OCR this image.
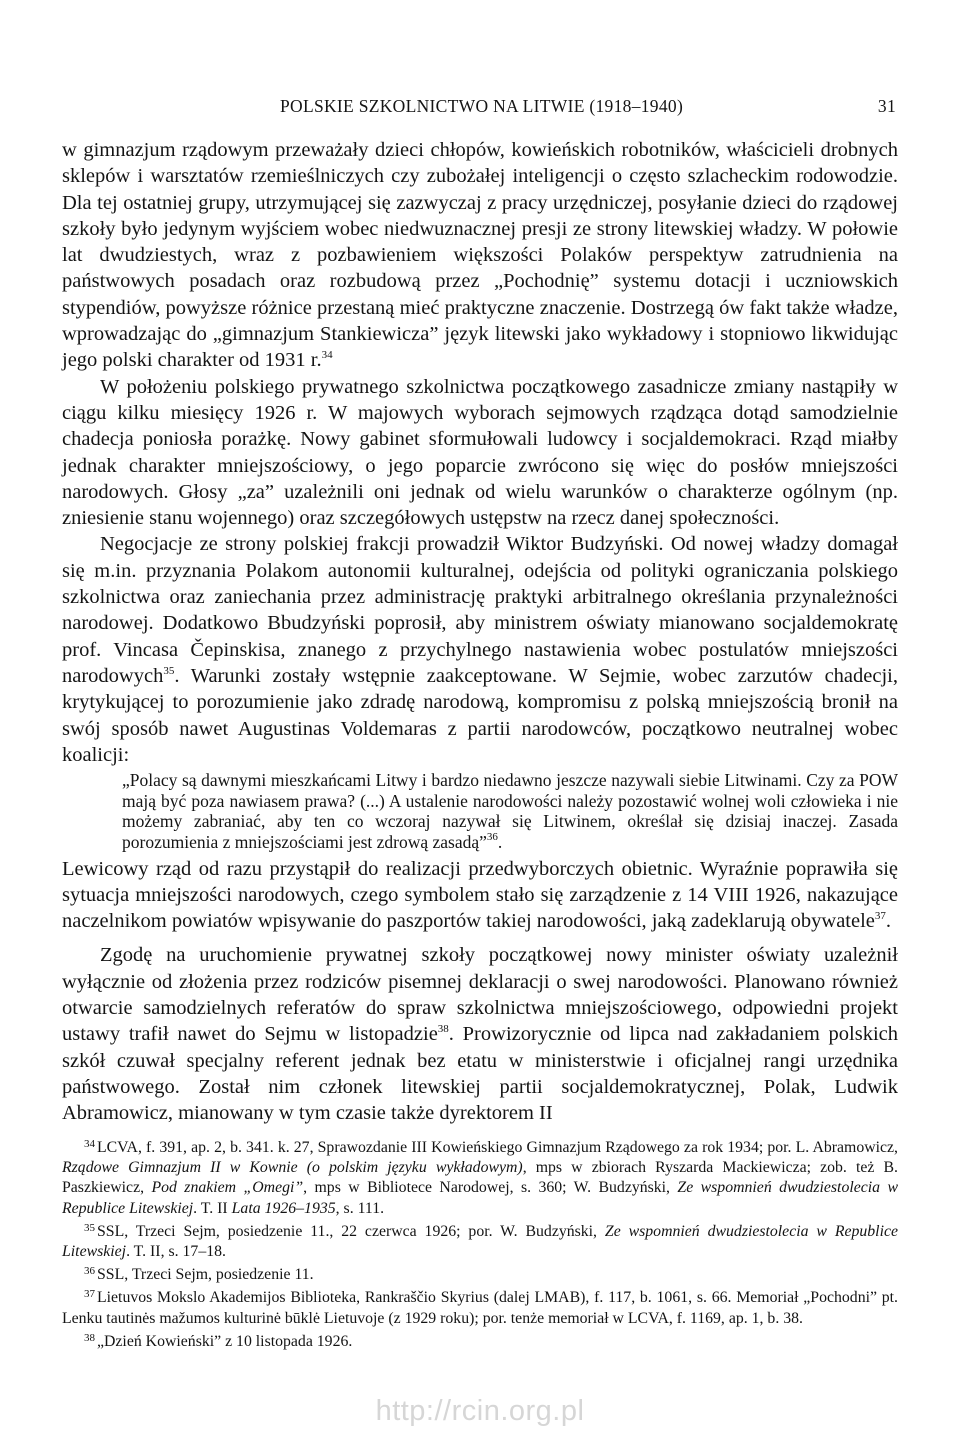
POLSKIE SZKOLNICTWO NA LITWIE (1918–1940)	31

w gimnazjum rządowym przeważały dzieci chłopów, kowieńskich robotników, właścicieli drobnych sklepów i warsztatów rzemieślniczych czy zubożałej inteligencji o często szlacheckim rodowodzie. Dla tej ostatniej grupy, utrzymującej się zazwyczaj z pracy urzędniczej, posyłanie dzieci do rządowej szkoły było jedynym wyjściem wobec niedwuznacznej presji ze strony litewskiej władzy. W połowie lat dwudziestych, wraz z pozbawieniem większości Polaków perspektyw zatrudnienia na państwowych posadach oraz rozbudową przez „Pochodnię” systemu dotacji i uczniowskich stypendiów, powyższe różnice przestaną mieć praktyczne znaczenie. Dostrzegą ów fakt także władze, wprowadzając do „gimnazjum Stankiewicza” język litewski jako wykładowy i stopniowo likwidując jego polski charakter od 1931 r.$^{34}$

W położeniu polskiego prywatnego szkolnictwa początkowego zasadnicze zmiany nastąpiły w ciągu kilku miesięcy 1926 r. W majowych wyborach sejmowych rządząca dotąd samodzielnie chadecja poniosła porażkę. Nowy gabinet sformułowali ludowcy i socjaldemokraci. Rząd miałby jednak charakter mniejszościowy, o jego poparcie zwrócono się więc do posłów mniejszości narodowych. Głosy „za” uzależnili oni jednak od wielu warunków o charakterze ogólnym (np. zniesienie stanu wojennego) oraz szczegółowych ustępstw na rzecz danej społeczności.

Negocjacje ze strony polskiej frakcji prowadził Wiktor Budzyński. Od nowej władzy domagał się m.in. przyznania Polakom autonomii kulturalnej, odejścia od polityki ograniczania polskiego szkolnictwa oraz zaniechania przez administrację praktyki arbitralnego określania przynależności narodowej. Dodatkowo Bbudzyński poprosił, aby ministrem oświaty mianowano socjaldemokratę prof. Vincasa Čepinskisa, znanego z przychylnego nastawienia wobec postulatów mniejszości narodowych$^{35}$. Warunki zostały wstępnie zaakceptowane. W Sejmie, wobec zarzutów chadecji, krytykującej to porozumienie jako zdradę narodową, kompromisu z polską mniejszością bronił na swój sposób nawet Augustinas Voldemaras z partii narodowców, początkowo neutralnej wobec koalicji:

„Polacy są dawnymi mieszkańcami Litwy i bardzo niedawno jeszcze nazywali siebie Litwinami. Czy za POW mają być poza nawiasem prawa? (...) A ustalenie narodowości należy pozostawić wolnej woli człowieka i nie możemy zabraniać, aby ten co wczoraj nazywał się Litwinem, określał się dzisiaj inaczej. Zasada porozumienia z mniejszościami jest zdrową zasadą”$^{36}$.

Lewicowy rząd od razu przystąpił do realizacji przedwyborczych obietnic. Wyraźnie poprawiła się sytuacja mniejszości narodowych, czego symbolem stało się zarządzenie z 14 VIII 1926, nakazujące naczelnikom powiatów wpisywanie do paszportów takiej narodowości, jaką zadeklarują obywatele$^{37}$.

Zgodę na uruchomienie prywatnej szkoły początkowej nowy minister oświaty uzależnił wyłącznie od złożenia przez rodziców pisemnej deklaracji o swej narodowości. Planowano również otwarcie samodzielnych referatów do spraw szkolnictwa mniejszościowego, odpowiedni projekt ustawy trafił nawet do Sejmu w listopadzie$^{38}$. Prowizorycznie od lipca nad zakładaniem polskich szkół czuwał specjalny referent jednak bez etatu w ministerstwie i oficjalnej rangi urzędnika państwowego. Został nim członek litewskiej partii socjaldemokratycznej, Polak, Ludwik Abramowicz, mianowany w tym czasie także dyrektorem II

$^{34}$ LCVA, f. 391, ap. 2, b. 341. k. 27, Sprawozdanie III Kowieńskiego Gimnazjum Rządowego za rok 1934; por. L. Abramowicz, Rządowe Gimnazjum II w Kownie (o polskim języku wykładowym), mps w zbiorach Ryszarda Mackiewicza; zob. też B. Paszkiewicz, Pod znakiem „Omegi”, mps w Bibliotece Narodowej, s. 360; W. Budzyński, Ze wspomnień dwudziestolecia w Republice Litewskiej. T. II Lata 1926–1935, s. 111.

$^{35}$ SSL, Trzeci Sejm, posiedzenie 11., 22 czerwca 1926; por. W. Budzyński, Ze wspomnień dwudziestolecia w Republice Litewskiej. T. II, s. 17–18.

$^{36}$ SSL, Trzeci Sejm, posiedzenie 11.

$^{37}$ Lietuvos Mokslo Akademijos Biblioteka, Rankraščio Skyrius (dalej LMAB), f. 117, b. 1061, s. 66. Memoriał „Pochodni” pt. Lenku tautinės mažumos kulturinė būklė Lietuvoje (z 1929 roku); por. tenże memoriał w LCVA, f. 1169, ap. 1, b. 38.

$^{38}$ „Dzień Kowieński” z 10 listopada 1926.

http://rcin.org.pl
